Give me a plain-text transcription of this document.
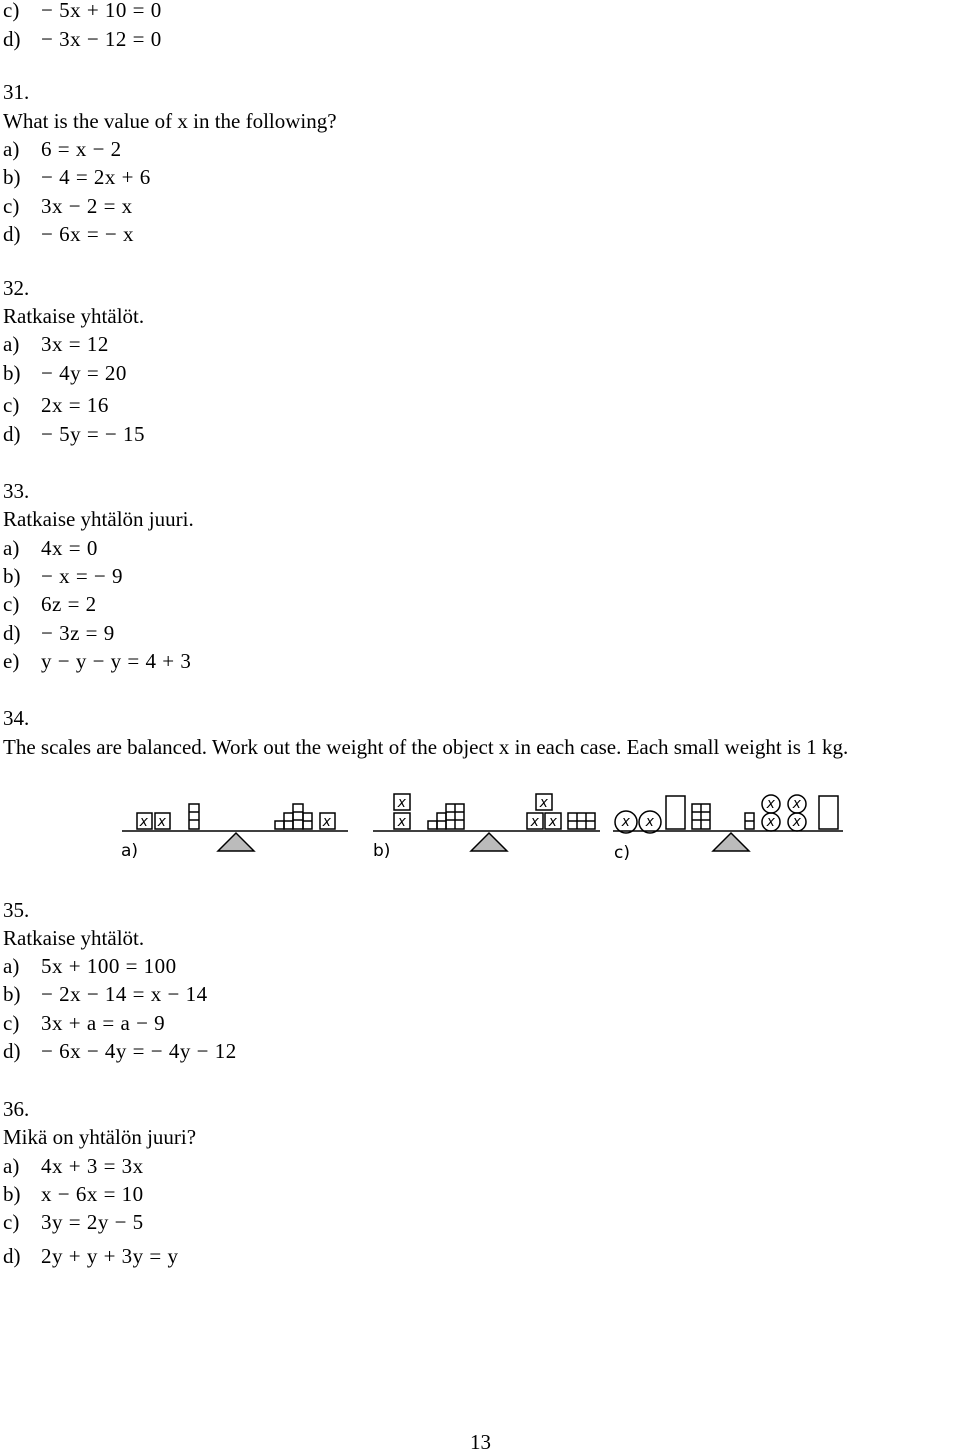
c) − 5x + 10 = 0
d) − 3x − 12 = 0
31.
What is the value of x in the following?
a) 6 = x − 2
b) − 4 = 2x + 6
c) 3x − 2 = x
d) − 6x = − x
32.
Ratkaise yhtälöt.
a) 3x = 12
b) − 4y = 20
c) 2x = 16
d) − 5y = − 15
33.
Ratkaise yhtälön juuri.
a) 4x = 0
b) − x = − 9
c) 6z = 2
d) − 3z = 9
e) y − y − y = 4 + 3
34.
The scales are balanced. Work out the weight of the object x in each case. Each small weight is 1 kg.
x x	x
x
x
x
x x	x x
x x
x x
a)	b)	c)
35.
Ratkaise yhtälöt.
a) 5x + 100 = 100
b) − 2x − 14 = x − 14
c) 3x + a = a − 9
d) − 6x − 4y = − 4y − 12
36.
Mikä on yhtälön juuri?
a) 4x + 3 = 3x
b) x − 6x = 10
c) 3y = 2y − 5
d) 2y + y + 3y = y
13
